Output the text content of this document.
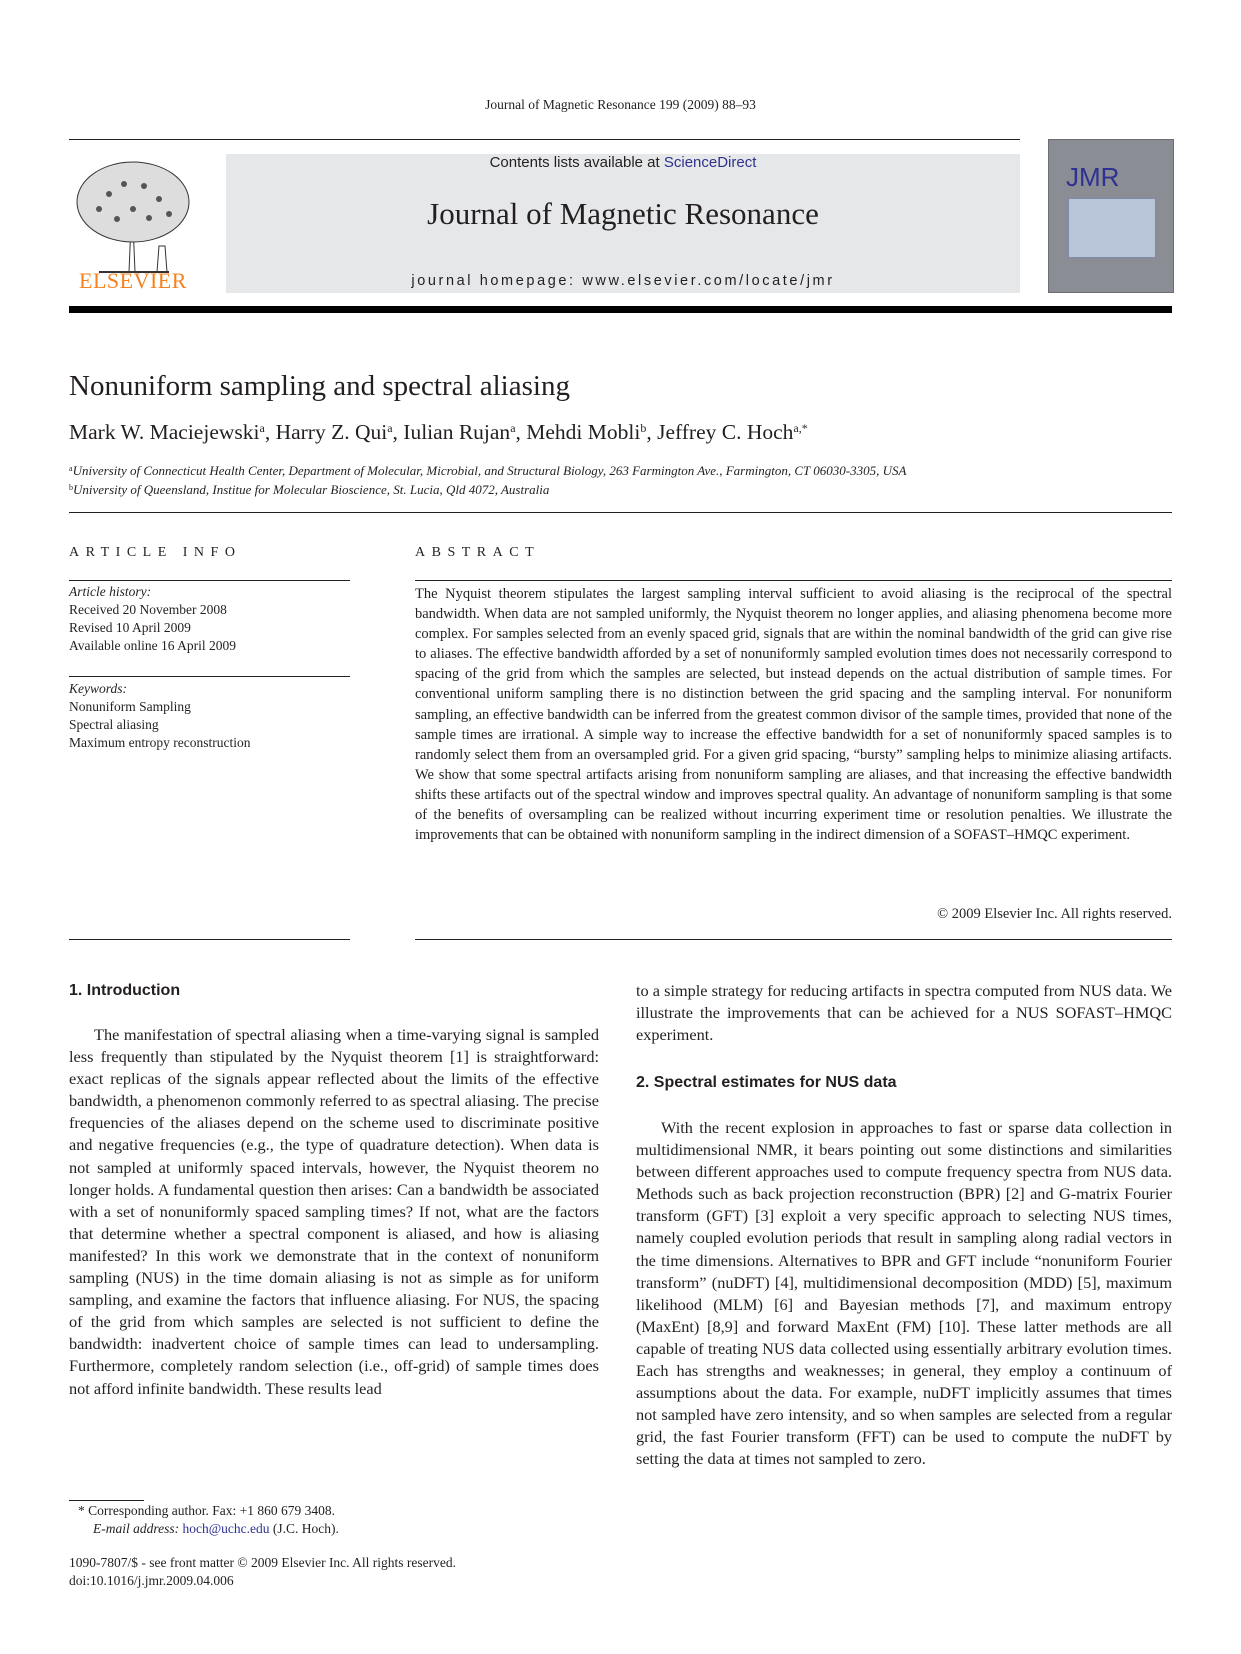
Journal of Magnetic Resonance 199 (2009) 88–93
ELSEVIER
Contents lists available at ScienceDirect
Journal of Magnetic Resonance
journal homepage: www.elsevier.com/locate/jmr
JMR
Nonuniform sampling and spectral aliasing
Mark W. Maciejewski$^a$, Harry Z. Qui$^a$, Iulian Rujan$^a$, Mehdi Mobli$^b$, Jeffrey C. Hoch$^{a,*}$
$^a$University of Connecticut Health Center, Department of Molecular, Microbial, and Structural Biology, 263 Farmington Ave., Farmington, CT 06030-3305, USA
$^b$University of Queensland, Institue for Molecular Bioscience, St. Lucia, Qld 4072, Australia
ARTICLE INFO	ABSTRACT
Article history:
Received 20 November 2008
Revised 10 April 2009
Available online 16 April 2009
Keywords:
Nonuniform Sampling
Spectral aliasing
Maximum entropy reconstruction
The Nyquist theorem stipulates the largest sampling interval sufficient to avoid aliasing is the reciprocal of the spectral bandwidth. When data are not sampled uniformly, the Nyquist theorem no longer applies, and aliasing phenomena become more complex. For samples selected from an evenly spaced grid, signals that are within the nominal bandwidth of the grid can give rise to aliases. The effective bandwidth afforded by a set of nonuniformly sampled evolution times does not necessarily correspond to spacing of the grid from which the samples are selected, but instead depends on the actual distribution of sample times. For conventional uniform sampling there is no distinction between the grid spacing and the sampling interval. For nonuniform sampling, an effective bandwidth can be inferred from the greatest common divisor of the sample times, provided that none of the sample times are irrational. A simple way to increase the effective bandwidth for a set of nonuniformly spaced samples is to randomly select them from an oversampled grid. For a given grid spacing, “bursty” sampling helps to minimize aliasing artifacts. We show that some spectral artifacts arising from nonuniform sampling are aliases, and that increasing the effective bandwidth shifts these artifacts out of the spectral window and improves spectral quality. An advantage of nonuniform sampling is that some of the benefits of oversampling can be realized without incurring experiment time or resolution penalties. We illustrate the improvements that can be obtained with nonuniform sampling in the indirect dimension of a SOFAST–HMQC experiment.
© 2009 Elsevier Inc. All rights reserved.
1. Introduction
The manifestation of spectral aliasing when a time-varying signal is sampled less frequently than stipulated by the Nyquist theorem [1] is straightforward: exact replicas of the signals appear reflected about the limits of the effective bandwidth, a phenomenon commonly referred to as spectral aliasing. The precise frequencies of the aliases depend on the scheme used to discriminate positive and negative frequencies (e.g., the type of quadrature detection). When data is not sampled at uniformly spaced intervals, however, the Nyquist theorem no longer holds. A fundamental question then arises: Can a bandwidth be associated with a set of nonuniformly spaced sampling times? If not, what are the factors that determine whether a spectral component is aliased, and how is aliasing manifested? In this work we demonstrate that in the context of nonuniform sampling (NUS) in the time domain aliasing is not as simple as for uniform sampling, and examine the factors that influence aliasing. For NUS, the spacing of the grid from which samples are selected is not sufficient to define the bandwidth: inadvertent choice of sample times can lead to undersampling. Furthermore, completely random selection (i.e., off-grid) of sample times does not afford infinite bandwidth. These results lead
to a simple strategy for reducing artifacts in spectra computed from NUS data. We illustrate the improvements that can be achieved for a NUS SOFAST–HMQC experiment.
2. Spectral estimates for NUS data
With the recent explosion in approaches to fast or sparse data collection in multidimensional NMR, it bears pointing out some distinctions and similarities between different approaches used to compute frequency spectra from NUS data. Methods such as back projection reconstruction (BPR) [2] and G-matrix Fourier transform (GFT) [3] exploit a very specific approach to selecting NUS times, namely coupled evolution periods that result in sampling along radial vectors in the time dimensions. Alternatives to BPR and GFT include “nonuniform Fourier transform” (nuDFT) [4], multidimensional decomposition (MDD) [5], maximum likelihood (MLM) [6] and Bayesian methods [7], and maximum entropy (MaxEnt) [8,9] and forward MaxEnt (FM) [10]. These latter methods are all capable of treating NUS data collected using essentially arbitrary evolution times. Each has strengths and weaknesses; in general, they employ a continuum of assumptions about the data. For example, nuDFT implicitly assumes that times not sampled have zero intensity, and so when samples are selected from a regular grid, the fast Fourier transform (FFT) can be used to compute the nuDFT by setting the data at times not sampled to zero.
* Corresponding author. Fax: +1 860 679 3408.
E-mail address: hoch@uchc.edu (J.C. Hoch).
1090-7807/$ - see front matter © 2009 Elsevier Inc. All rights reserved.
doi:10.1016/j.jmr.2009.04.006
